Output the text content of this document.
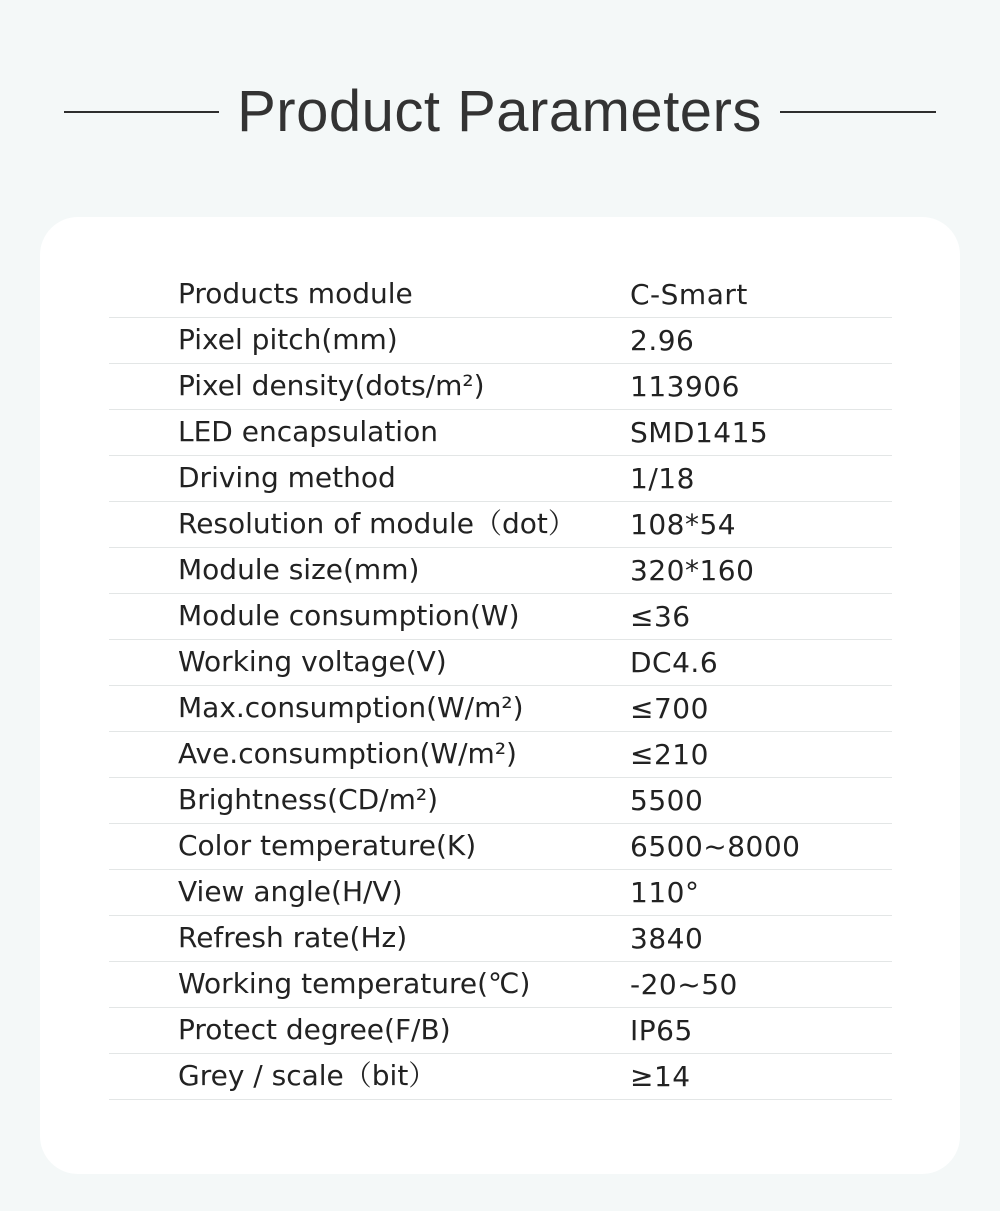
Product Parameters
Products module	C-Smart
Pixel pitch(mm)	2.96
Pixel density(dots/m²)	113906
LED encapsulation	SMD1415
Driving method	1/18
Resolution of module（dot） 108*54
Module size(mm)	320*160
Module consumption(W)	≤36
Working voltage(V)	DC4.6
Max.consumption(W/m²)	≤700
Ave.consumption(W/m²)	≤210
Brightness(CD/m²)	5500
Color temperature(K)	6500~8000
View angle(H/V)	110°
Refresh rate(Hz)	3840
Working temperature(℃)	-20~50
Protect degree(F/B)	IP65
Grey / scale（bit）	≥14
